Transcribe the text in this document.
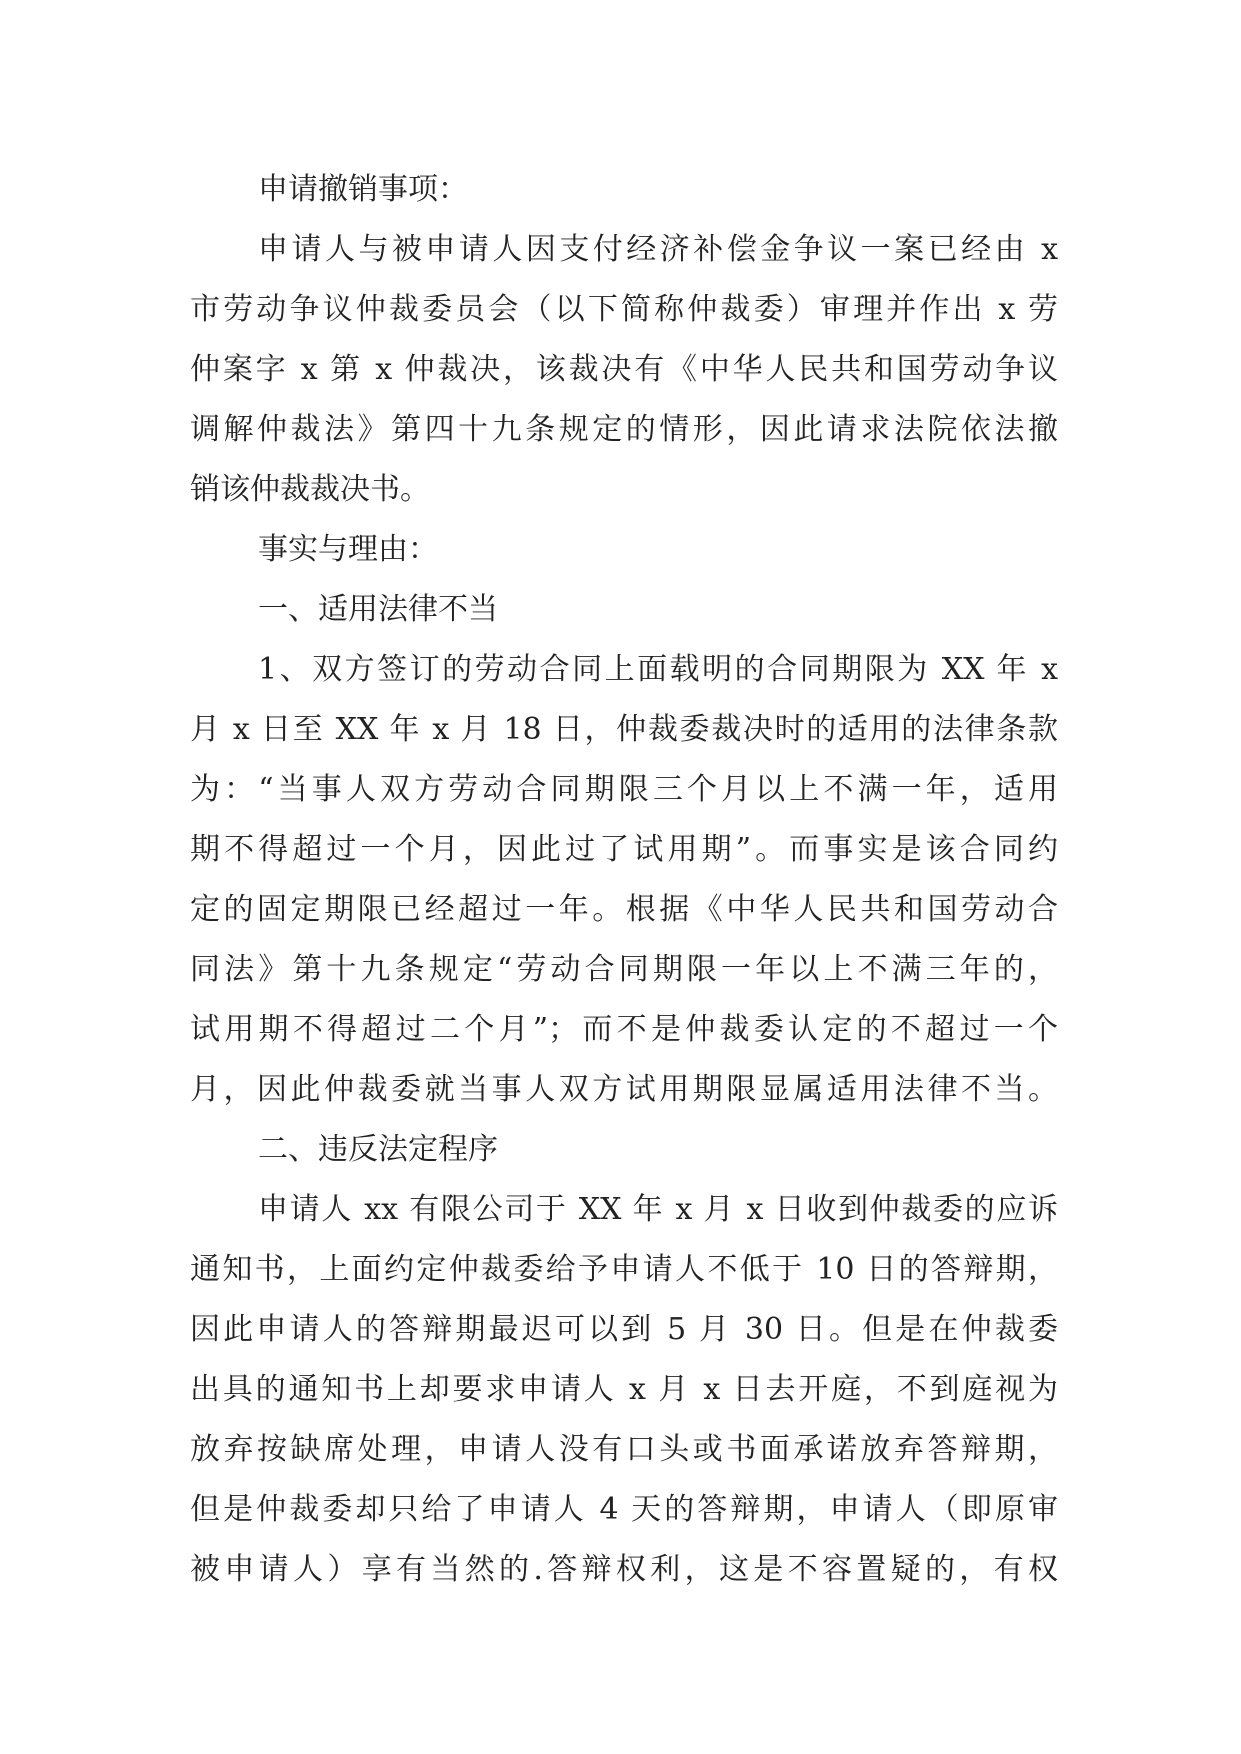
申请撤销事项：
申请人与被申请人因支付经济补偿金争议一案已经由 x
市劳动争议仲裁委员会（以下简称仲裁委）审理并作出 x 劳
仲案字 x 第 x 仲裁决，该裁决有《中华人民共和国劳动争议
调解仲裁法》第四十九条规定的情形，因此请求法院依法撤
销该仲裁裁决书。
事实与理由：
一、适用法律不当
1、双方签订的劳动合同上面载明的合同期限为 XX 年 x
月 x 日至 XX 年 x 月 18 日，仲裁委裁决时的适用的法律条款
为：“当事人双方劳动合同期限三个月以上不满一年，适用
期不得超过一个月，因此过了试用期”。而事实是该合同约
定的固定期限已经超过一年。根据《中华人民共和国劳动合
同法》第十九条规定“劳动合同期限一年以上不满三年的，
试用期不得超过二个月”；而不是仲裁委认定的不超过一个
月，因此仲裁委就当事人双方试用期限显属适用法律不当。
二、违反法定程序
申请人 xx 有限公司于 XX 年 x 月 x 日收到仲裁委的应诉
通知书，上面约定仲裁委给予申请人不低于 10 日的答辩期，
因此申请人的答辩期最迟可以到 5 月 30 日。但是在仲裁委
出具的通知书上却要求申请人 x 月 x 日去开庭，不到庭视为
放弃按缺席处理，申请人没有口头或书面承诺放弃答辩期，
但是仲裁委却只给了申请人 4 天的答辩期，申请人（即原审
被申请人）享有当然的.答辩权利，这是不容置疑的，有权
